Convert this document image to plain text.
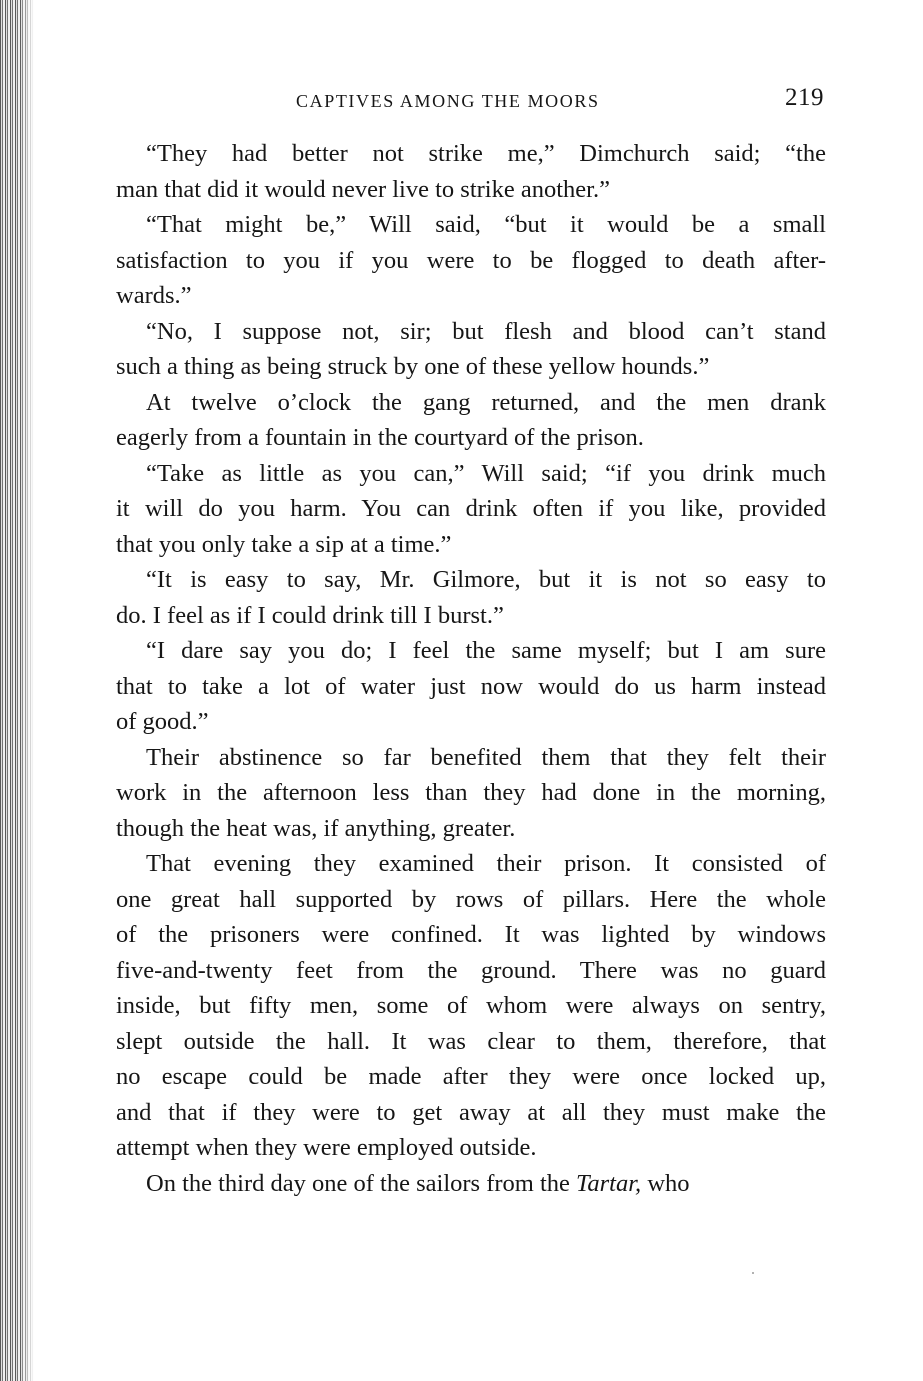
CAPTIVES AMONG THE MOORS	219
“They had better not strike me,” Dimchurch said; “the
man that did it would never live to strike another.”
“That might be,” Will said, “but it would be a small
satisfaction to you if you were to be flogged to death after-
wards.”
“No, I suppose not, sir; but flesh and blood can’t stand
such a thing as being struck by one of these yellow hounds.”
At twelve o’clock the gang returned, and the men drank
eagerly from a fountain in the courtyard of the prison.
“Take as little as you can,” Will said; “if you drink much
it will do you harm. You can drink often if you like, provided
that you only take a sip at a time.”
“It is easy to say, Mr. Gilmore, but it is not so easy to
do. I feel as if I could drink till I burst.”
“I dare say you do; I feel the same myself; but I am sure
that to take a lot of water just now would do us harm instead
of good.”
Their abstinence so far benefited them that they felt their
work in the afternoon less than they had done in the morning,
though the heat was, if anything, greater.
That evening they examined their prison. It consisted of
one great hall supported by rows of pillars. Here the whole
of the prisoners were confined. It was lighted by windows
five-and-twenty feet from the ground. There was no guard
inside, but fifty men, some of whom were always on sentry,
slept outside the hall. It was clear to them, therefore, that
no escape could be made after they were once locked up,
and that if they were to get away at all they must make the
attempt when they were employed outside.
On the third day one of the sailors from the Tartar, who
